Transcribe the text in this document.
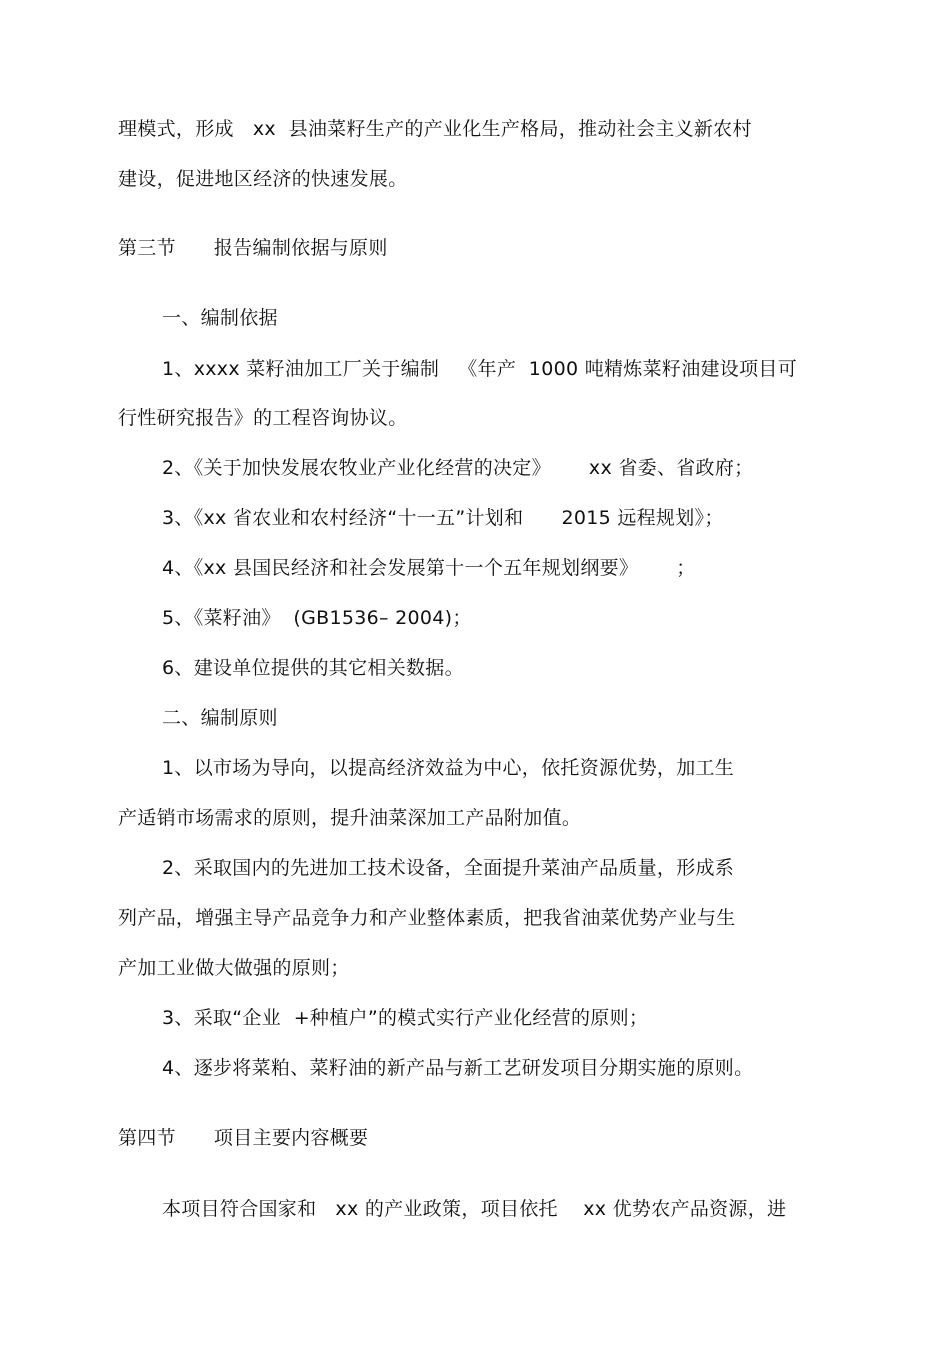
理模式，形成   xx  县油菜籽生产的产业化生产格局，推动社会主义新农村
建设，促进地区经济的快速发展。
第三节      报告编制依据与原则
一、编制依据
1、xxxx 菜籽油加工厂关于编制   《年产  1000 吨精炼菜籽油建设项目可
行性研究报告》的工程咨询协议。
2、《关于加快发展农牧业产业化经营的决定》      xx 省委、省政府；
3、《xx 省农业和农村经济“十一五”计划和      2015 远程规划》；
4、《xx 县国民经济和社会发展第十一个五年规划纲要》      ；
5、《菜籽油》  (GB1536– 2004)；
6、建设单位提供的其它相关数据。
二、编制原则
1、以市场为导向，以提高经济效益为中心，依托资源优势，加工生
产适销市场需求的原则，提升油菜深加工产品附加值。
2、采取国内的先进加工技术设备，全面提升菜油产品质量，形成系
列产品，增强主导产品竞争力和产业整体素质，把我省油菜优势产业与生
产加工业做大做强的原则；
3、采取“企业  +种植户”的模式实行产业化经营的原则；
4、逐步将菜粕、菜籽油的新产品与新工艺研发项目分期实施的原则。
第四节      项目主要内容概要
本项目符合国家和   xx 的产业政策，项目依托    xx 优势农产品资源，进
